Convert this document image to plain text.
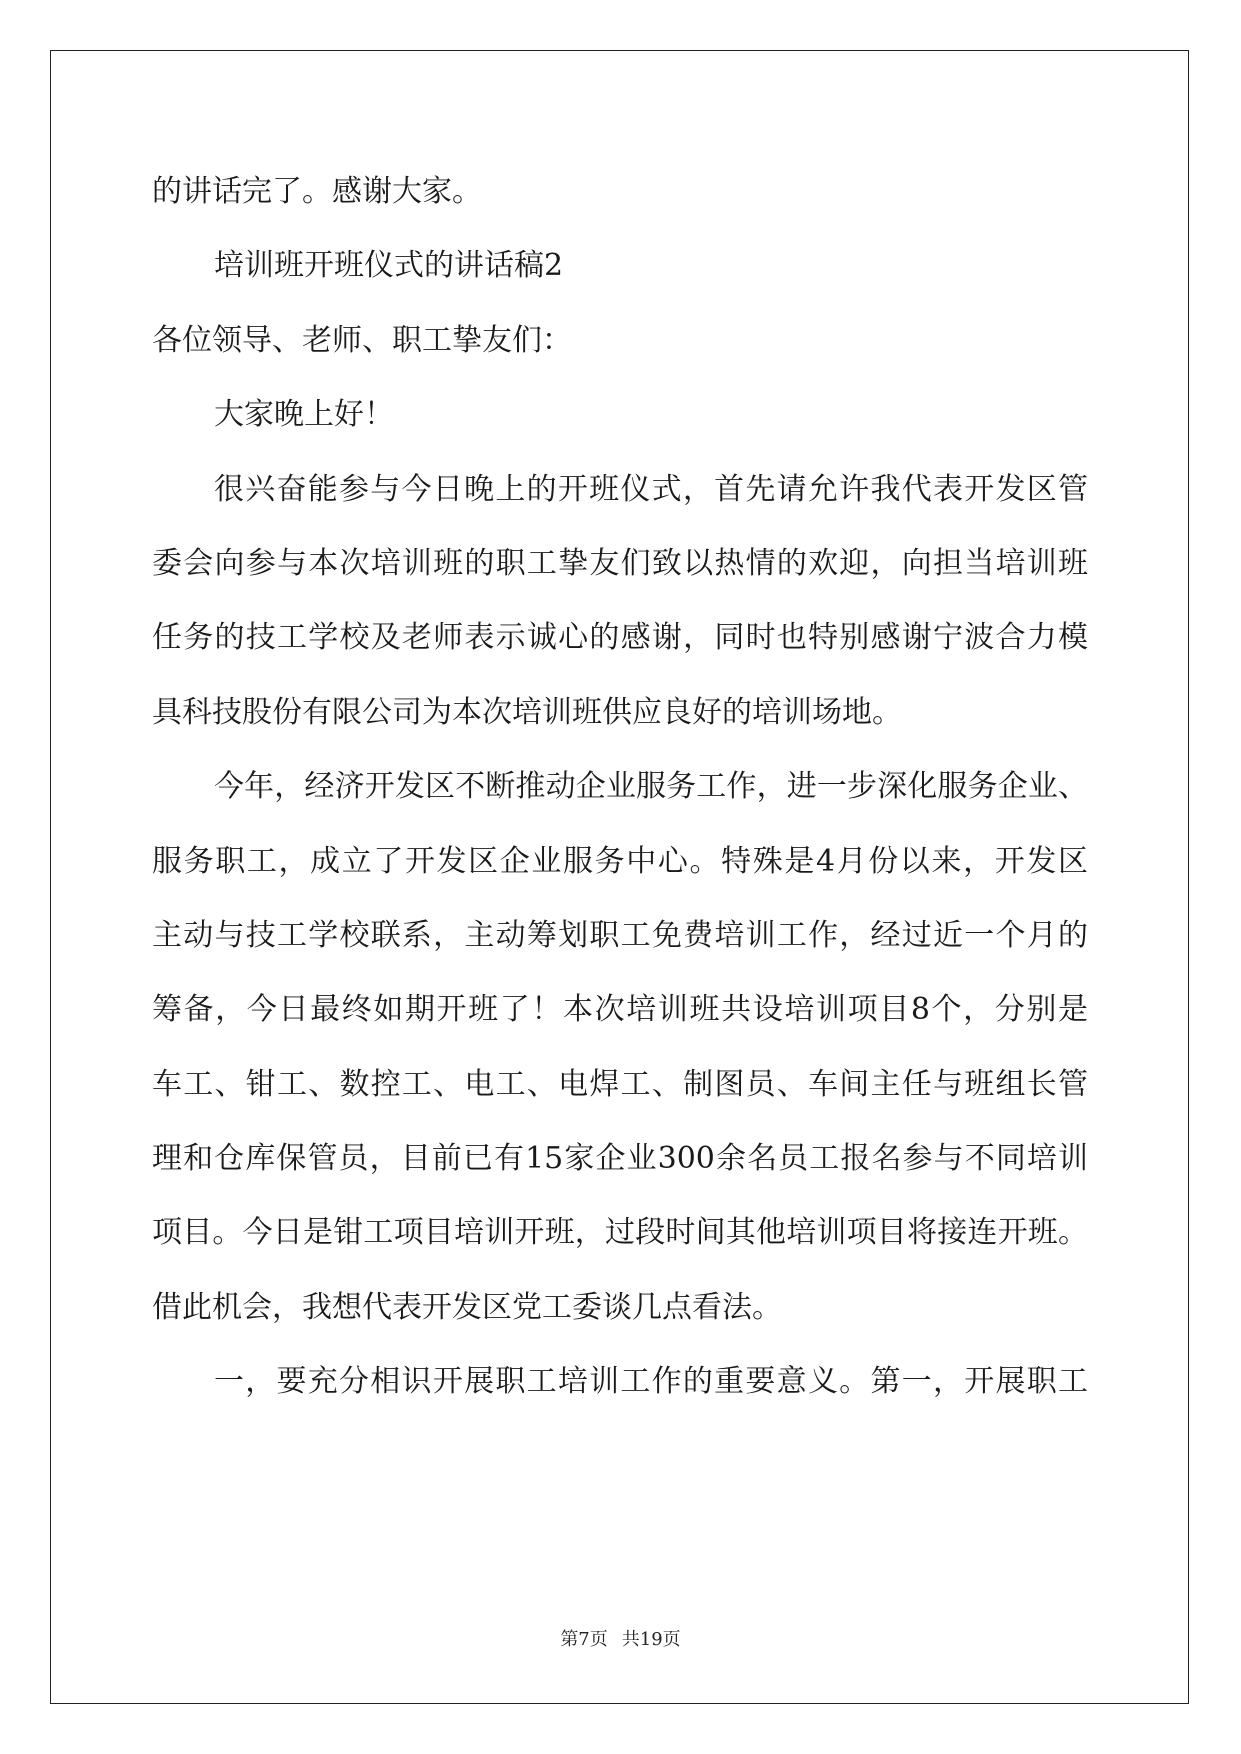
的讲话完了。感谢大家。

培训班开班仪式的讲话稿2

各位领导、老师、职工挚友们：

大家晚上好！

很兴奋能参与今日晚上的开班仪式，首先请允许我代表开发区管

委会向参与本次培训班的职工挚友们致以热情的欢迎，向担当培训班

任务的技工学校及老师表示诚心的感谢，同时也特别感谢宁波合力模

具科技股份有限公司为本次培训班供应良好的培训场地。

今年，经济开发区不断推动企业服务工作，进一步深化服务企业、

服务职工，成立了开发区企业服务中心。特殊是4月份以来，开发区

主动与技工学校联系，主动筹划职工免费培训工作，经过近一个月的

筹备，今日最终如期开班了！本次培训班共设培训项目8个，分别是

车工、钳工、数控工、电工、电焊工、制图员、车间主任与班组长管

理和仓库保管员，目前已有15家企业300余名员工报名参与不同培训

项目。今日是钳工项目培训开班，过段时间其他培训项目将接连开班。

借此机会，我想代表开发区党工委谈几点看法。

一，要充分相识开展职工培训工作的重要意义。第一，开展职工

第7页 共19页
